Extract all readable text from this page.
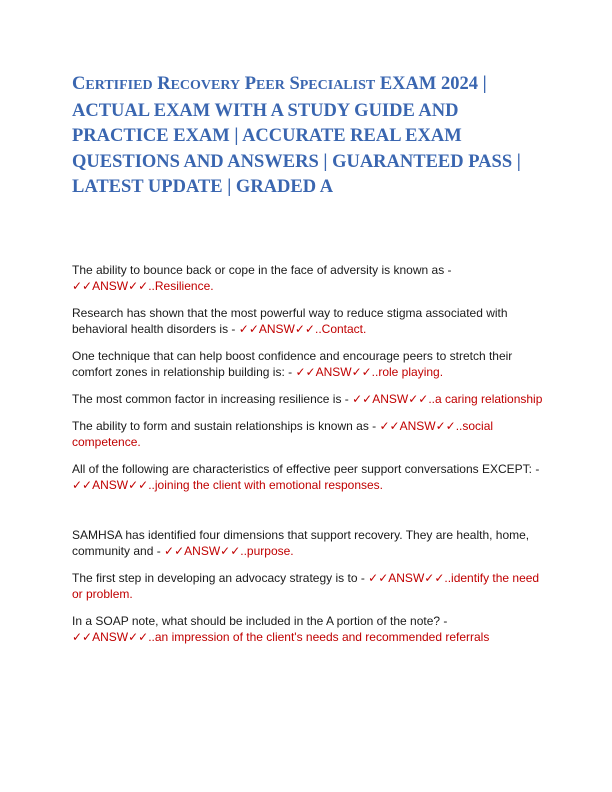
CERTIFIED RECOVERY PEER SPECIALIST EXAM 2024 | ACTUAL EXAM WITH A STUDY GUIDE AND PRACTICE EXAM | ACCURATE REAL EXAM QUESTIONS AND ANSWERS | GUARANTEED PASS | LATEST UPDATE | GRADED A

The ability to bounce back or cope in the face of adversity is known as - ✓✓ANSW✓✓..Resilience.

Research has shown that the most powerful way to reduce stigma associated with behavioral health disorders is - ✓✓ANSW✓✓..Contact.

One technique that can help boost confidence and encourage peers to stretch their comfort zones in relationship building is: - ✓✓ANSW✓✓..role playing.

The most common factor in increasing resilience is - ✓✓ANSW✓✓..a caring relationship

The ability to form and sustain relationships is known as - ✓✓ANSW✓✓..social competence.

All of the following are characteristics of effective peer support conversations EXCEPT: - ✓✓ANSW✓✓..joining the client with emotional responses.

SAMHSA has identified four dimensions that support recovery. They are health, home, community and - ✓✓ANSW✓✓..purpose.

The first step in developing an advocacy strategy is to - ✓✓ANSW✓✓..identify the need or problem.

In a SOAP note, what should be included in the A portion of the note? - ✓✓ANSW✓✓..an impression of the client's needs and recommended referrals
